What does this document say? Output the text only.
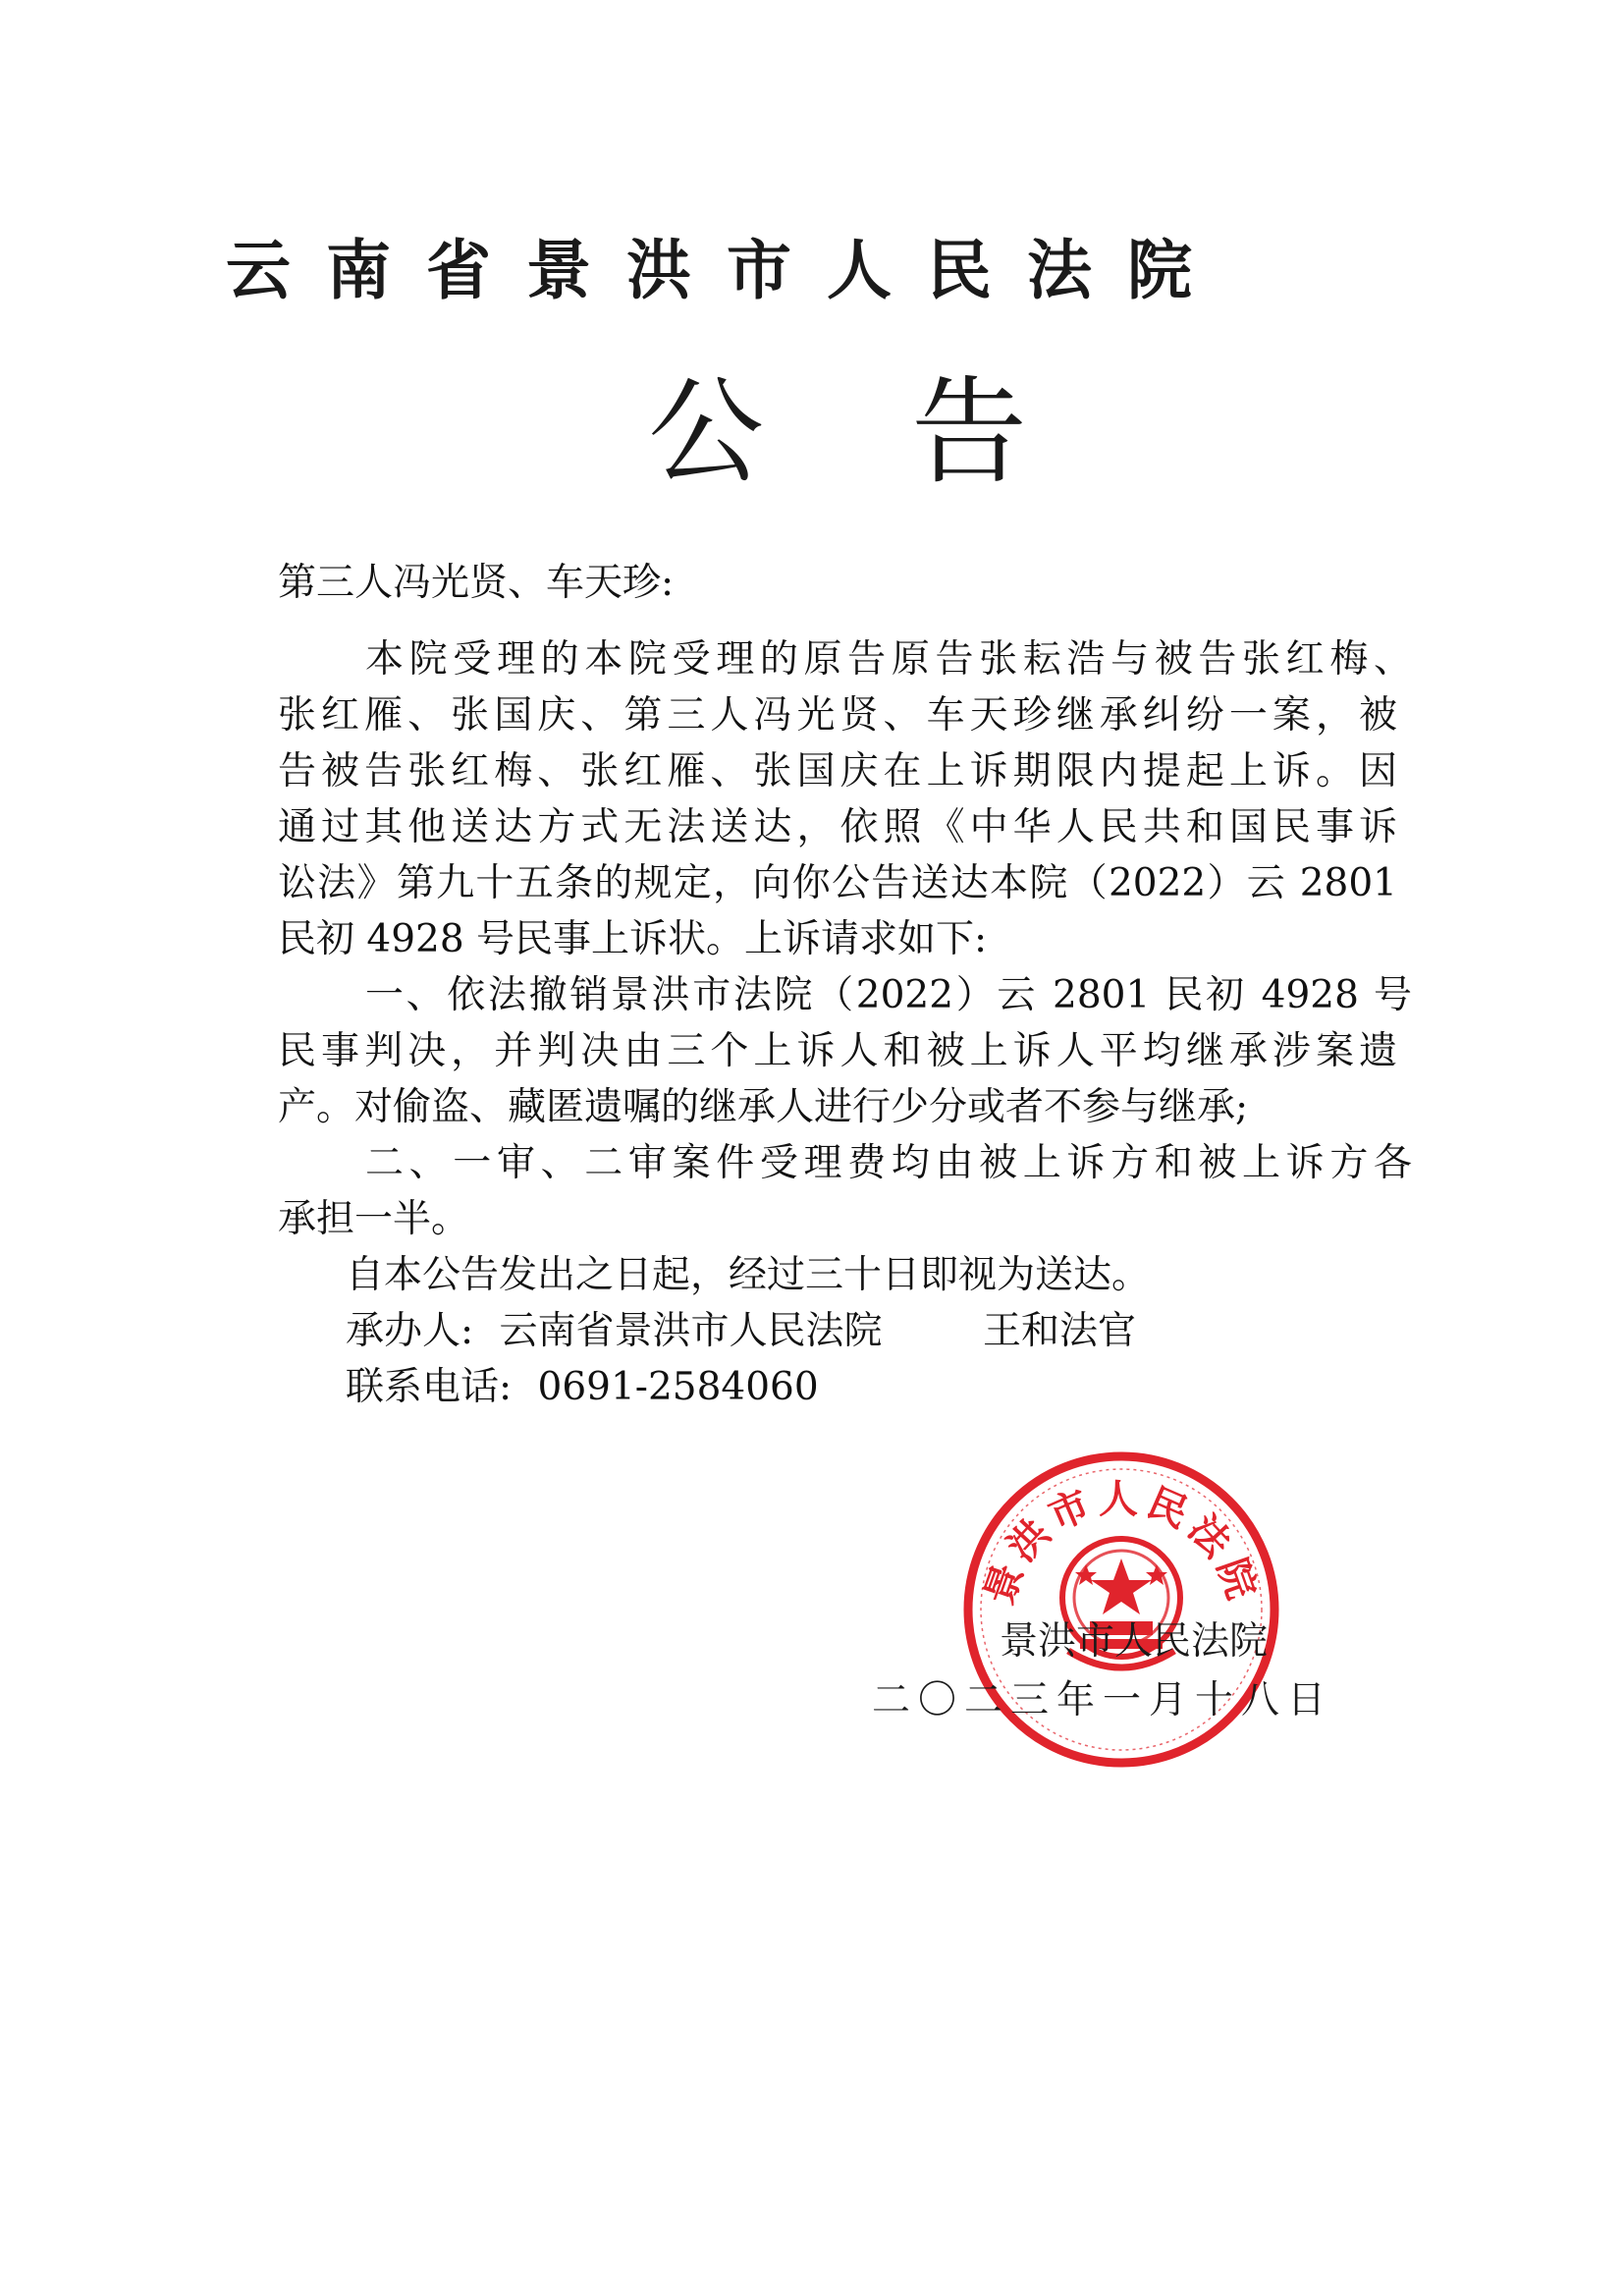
云南省景洪市人民法院
公告
第三人冯光贤、车天珍:
本院受理的本院受理的原告原告张耘浩与被告张红梅、
张红雁、张国庆、第三人冯光贤、车天珍继承纠纷一案，被
告被告张红梅、张红雁、张国庆在上诉期限内提起上诉。因
通过其他送达方式无法送达，依照《中华人民共和国民事诉
讼法》第九十五条的规定，向你公告送达本院（2022）云 2801
民初 4928 号民事上诉状。上诉请求如下:
一、依法撤销景洪市法院（2022）云 2801 民初 4928 号
民事判决，并判决由三个上诉人和被上诉人平均继承涉案遗
产。对偷盗、藏匿遗嘱的继承人进行少分或者不参与继承;
二、一审、二审案件受理费均由被上诉方和被上诉方各
承担一半。
自本公告发出之日起，经过三十日即视为送达。
承办人: 云南省景洪市人民法院	王和法官
联系电话: 0691-2584060
景洪市人民法院
景洪市人民法院
二〇二三年一月十八日
